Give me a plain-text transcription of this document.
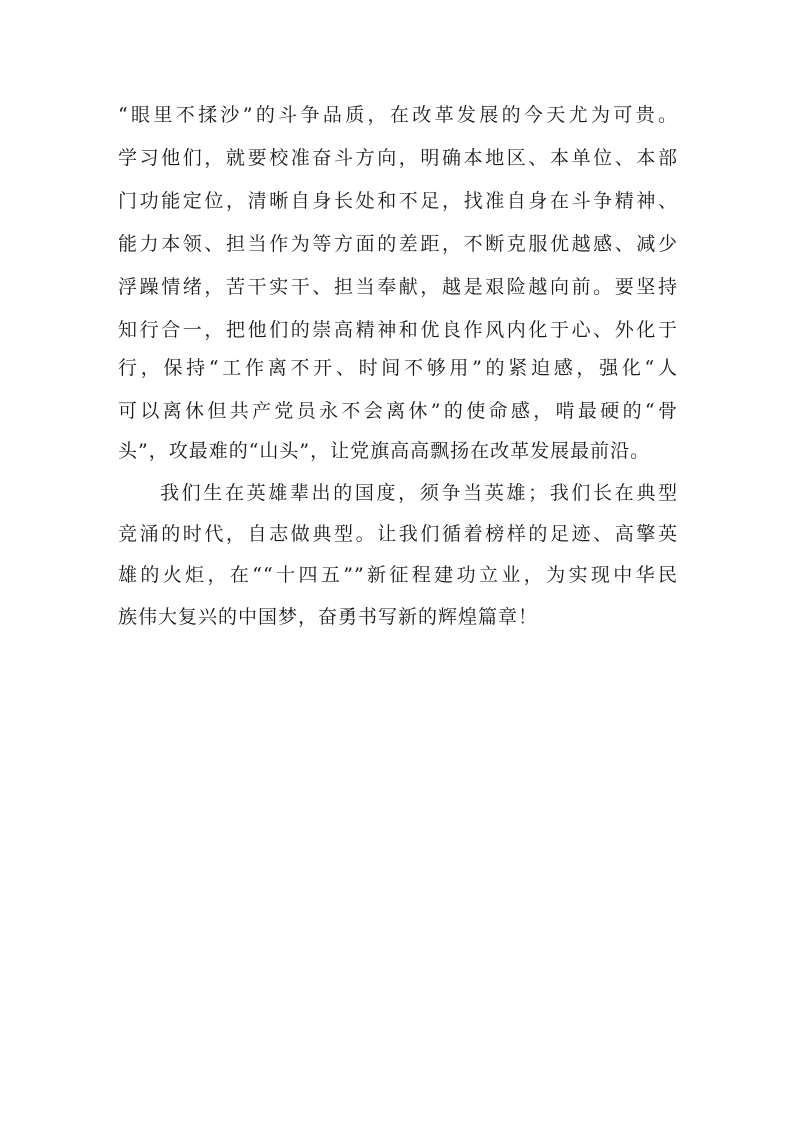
“眼里不揉沙”的斗争品质，在改革发展的今天尤为可贵。
学习他们，就要校准奋斗方向，明确本地区、本单位、本部
门功能定位，清晰自身长处和不足，找准自身在斗争精神、
能力本领、担当作为等方面的差距，不断克服优越感、减少
浮躁情绪，苦干实干、担当奉献，越是艰险越向前。要坚持
知行合一，把他们的崇高精神和优良作风内化于心、外化于
行，保持“工作离不开、时间不够用”的紧迫感，强化“人
可以离休但共产党员永不会离休”的使命感，啃最硬的“骨
头”，攻最难的“山头”，让党旗高高飘扬在改革发展最前沿。
我们生在英雄辈出的国度，须争当英雄；我们长在典型
竞涌的时代，自志做典型。让我们循着榜样的足迹、高擎英
雄的火炬，在““十四五””新征程建功立业，为实现中华民
族伟大复兴的中国梦，奋勇书写新的辉煌篇章！
